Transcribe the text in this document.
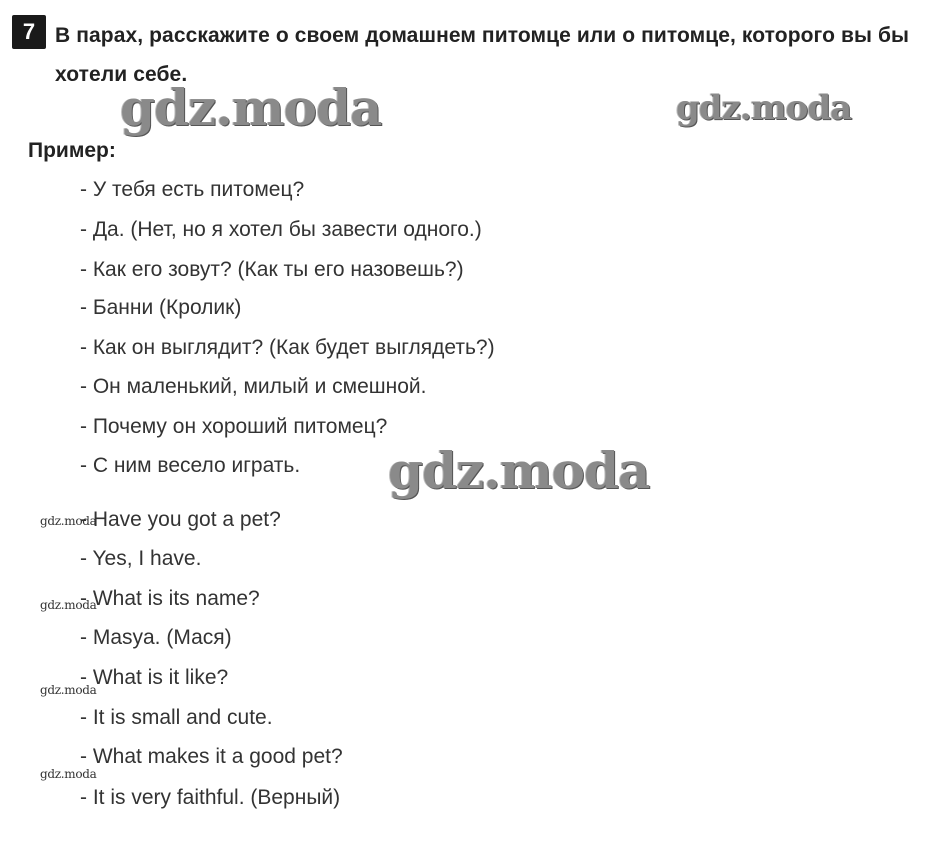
7 В парах, расскажите о своем домашнем питомце или о питомце, которого вы бы хотели себе.
gdz.moda	gdz.moda
Пример:
- У тебя есть питомец?
- Да. (Нет, но я хотел бы завести одного.)
- Как его зовут? (Как ты его назовешь?)
- Банни (Кролик)
- Как он выглядит? (Как будет выглядеть?)
- Он маленький, милый и смешной.
- Почему он хороший питомец?
- С ним весело играть. gdz.moda
- Have you got a pet?
- Yes, I have.
- What is its name?
- Masya. (Мася)
- What is it like?
- It is small and cute.
- What makes it a good pet?
- It is very faithful. (Верный)
gdz.moda
gdz.moda
gdz.moda
gdz.moda
